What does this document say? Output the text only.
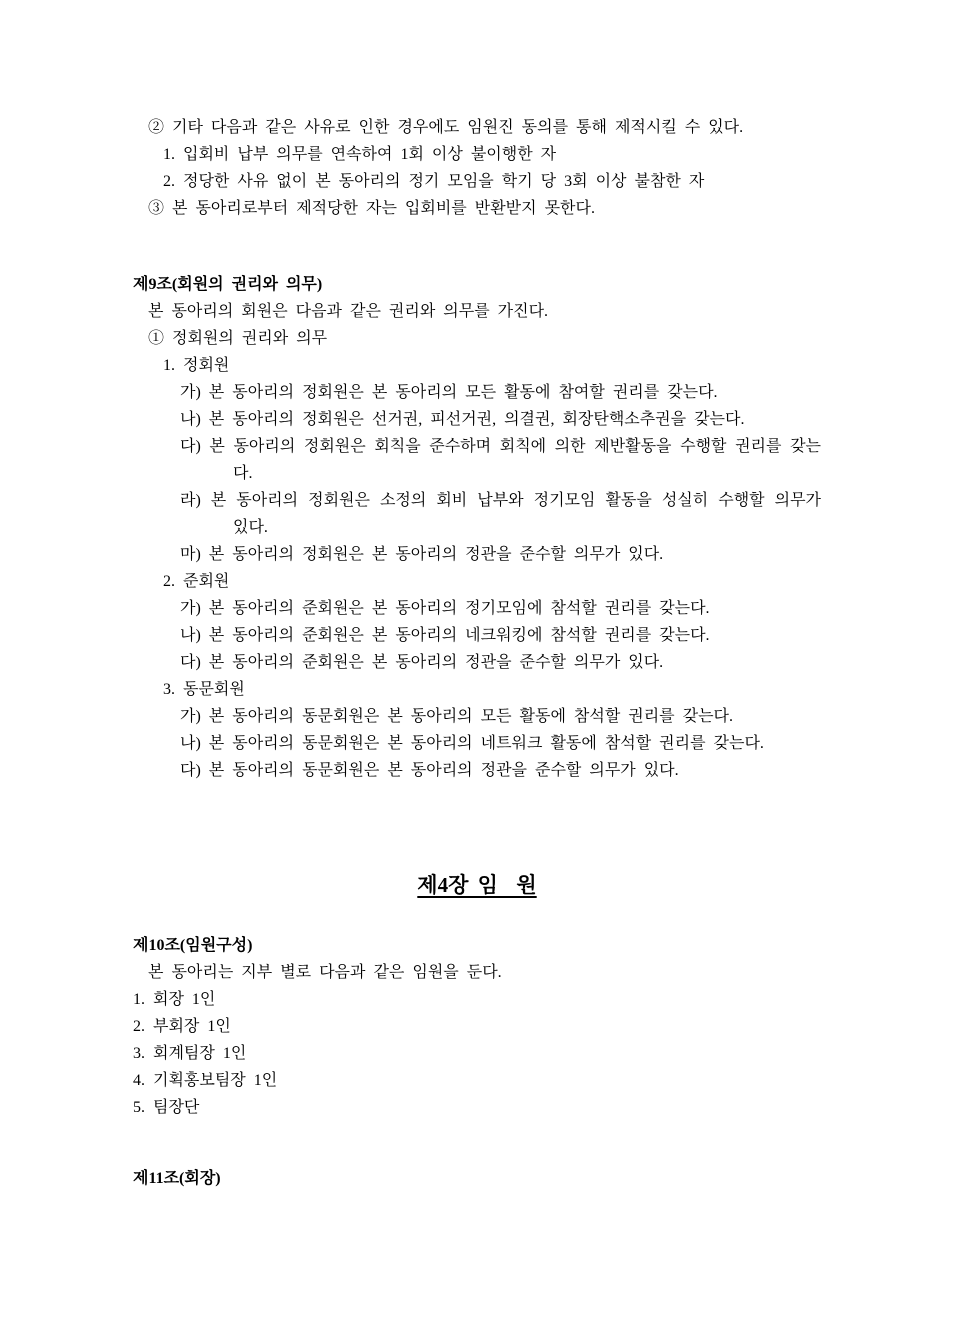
② 기타 다음과 같은 사유로 인한 경우에도 임원진 동의를 통해 제적시킬 수 있다.

1. 입회비 납부 의무를 연속하여 1회 이상 불이행한 자

2. 정당한 사유 없이 본 동아리의 정기 모임을 학기 당 3회 이상 불참한 자

③ 본 동아리로부터 제적당한 자는 입회비를 반환받지 못한다.

제9조(회원의 권리와 의무)

본 동아리의 회원은 다음과 같은 권리와 의무를 가진다.

① 정회원의 권리와 의무

1. 정회원

가) 본 동아리의 정회원은 본 동아리의 모든 활동에 참여할 권리를 갖는다.

나) 본 동아리의 정회원은 선거권, 피선거권, 의결권, 회장탄핵소추권을 갖는다.

다) 본 동아리의 정회원은 회칙을 준수하며 회칙에 의한 제반활동을 수행할 권리를 갖는다.

라) 본 동아리의 정회원은 소정의 회비 납부와 정기모임 활동을 성실히 수행할 의무가 있다.

마) 본 동아리의 정회원은 본 동아리의 정관을 준수할 의무가 있다.

2. 준회원

가) 본 동아리의 준회원은 본 동아리의 정기모임에 참석할 권리를 갖는다.

나) 본 동아리의 준회원은 본 동아리의 네크워킹에 참석할 권리를 갖는다.

다) 본 동아리의 준회원은 본 동아리의 정관을 준수할 의무가 있다.

3. 동문회원

가) 본 동아리의 동문회원은 본 동아리의 모든 활동에 참석할 권리를 갖는다.

나) 본 동아리의 동문회원은 본 동아리의 네트워크 활동에 참석할 권리를 갖는다.

다) 본 동아리의 동문회원은 본 동아리의 정관을 준수할 의무가 있다.

제4장 임  원

제10조(임원구성)

본 동아리는 지부 별로 다음과 같은 임원을 둔다.

1. 회장 1인

2. 부회장 1인

3. 회계팀장 1인

4. 기획홍보팀장 1인

5. 팀장단

제11조(회장)
